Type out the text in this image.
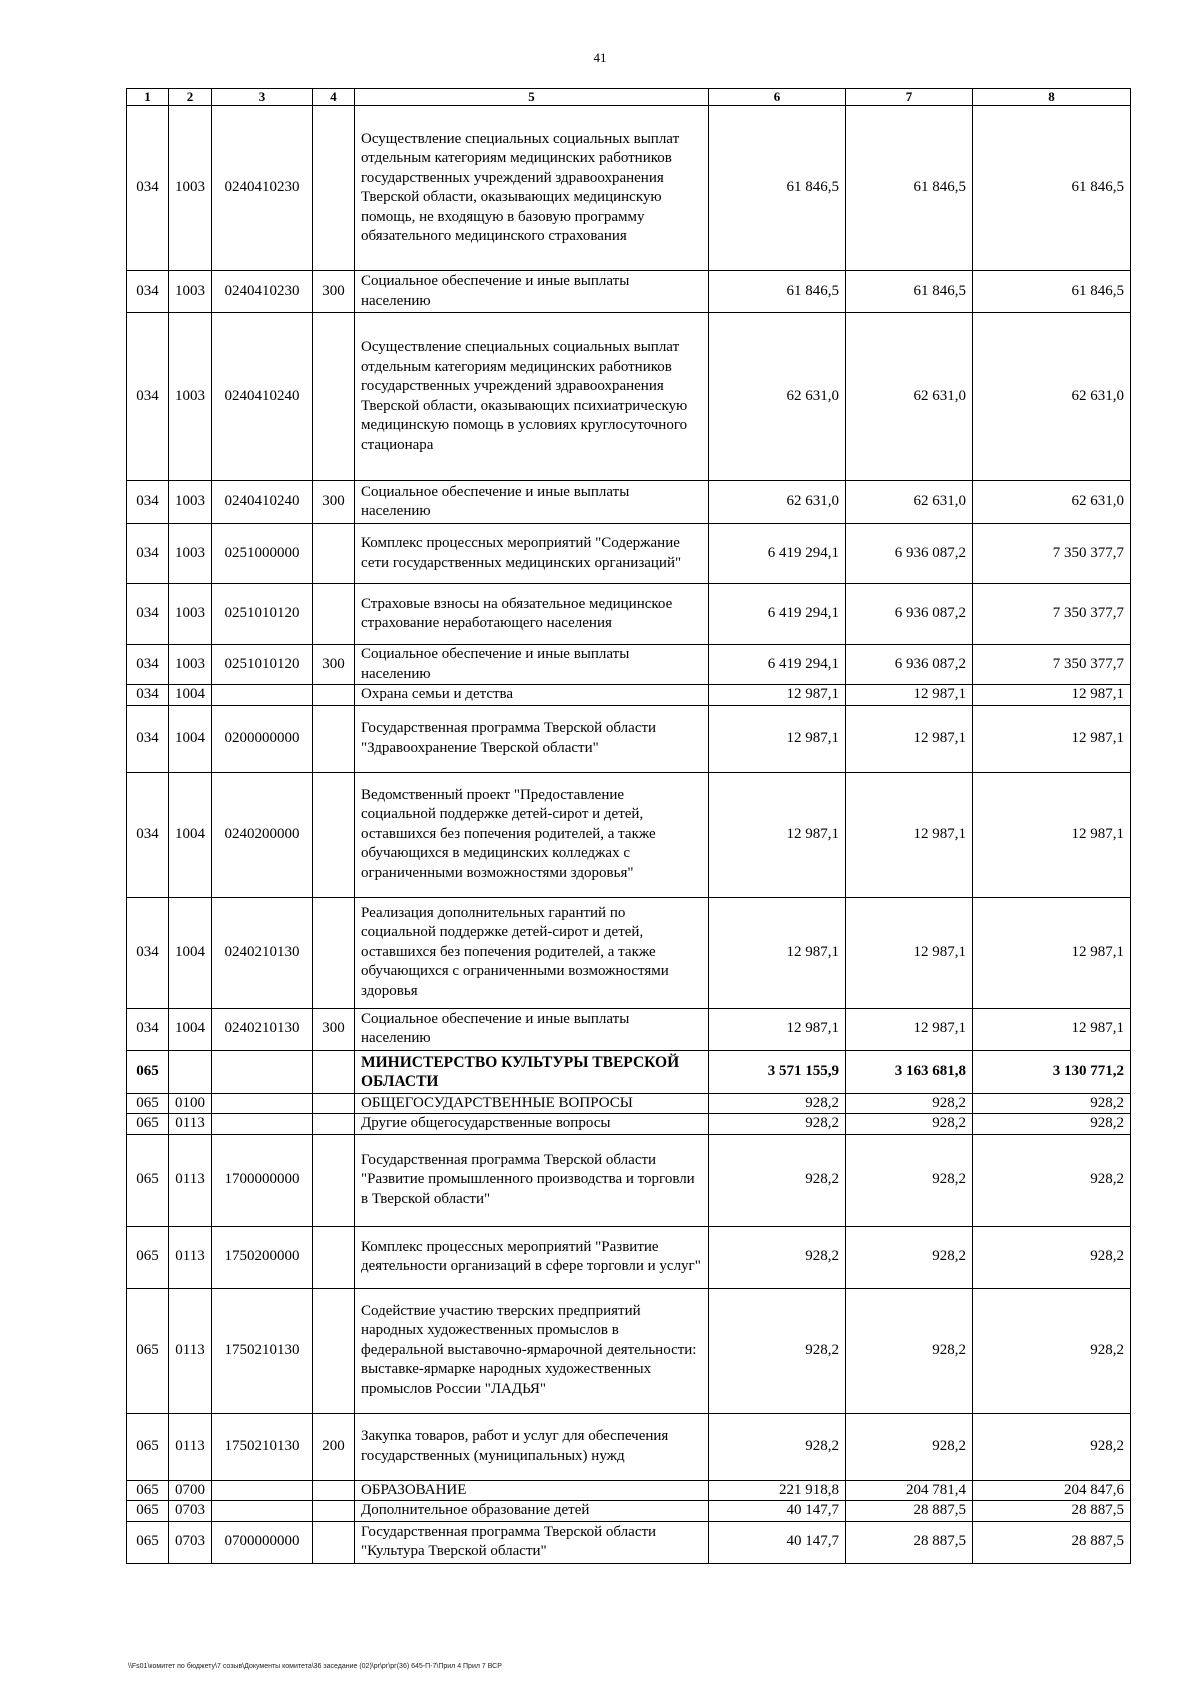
41
1	2	3	4	5	6	7	8
034	1003	0240410230		Осуществление специальных социальных выплат отдельным категориям медицинских работников государственных учреждений здравоохранения Тверской области, оказывающих медицинскую помощь, не входящую в базовую программу обязательного медицинского страхования	61 846,5	61 846,5	61 846,5
034	1003	0240410230	300	Социальное обеспечение и иные выплаты населению	61 846,5	61 846,5	61 846,5
034	1003	0240410240		Осуществление специальных социальных выплат отдельным категориям медицинских работников государственных учреждений здравоохранения Тверской области, оказывающих психиатрическую медицинскую помощь в условиях круглосуточного стационара	62 631,0	62 631,0	62 631,0
034	1003	0240410240	300	Социальное обеспечение и иные выплаты населению	62 631,0	62 631,0	62 631,0
034	1003	0251000000		Комплекс процессных мероприятий "Содержание сети государственных медицинских организаций"	6 419 294,1	6 936 087,2	7 350 377,7
034	1003	0251010120		Страховые взносы на обязательное медицинское страхование неработающего населения	6 419 294,1	6 936 087,2	7 350 377,7
034	1003	0251010120	300	Социальное обеспечение и иные выплаты населению	6 419 294,1	6 936 087,2	7 350 377,7
034	1004			Охрана семьи и детства	12 987,1	12 987,1	12 987,1
034	1004	0200000000		Государственная программа Тверской области "Здравоохранение Тверской области"	12 987,1	12 987,1	12 987,1
034	1004	0240200000		Ведомственный проект "Предоставление социальной поддержке детей-сирот и детей, оставшихся без попечения родителей, а также обучающихся в медицинских колледжах с ограниченными возможностями здоровья"	12 987,1	12 987,1	12 987,1
034	1004	0240210130		Реализация дополнительных гарантий по социальной поддержке детей-сирот и детей, оставшихся без попечения родителей, а также обучающихся с ограниченными возможностями здоровья	12 987,1	12 987,1	12 987,1
034	1004	0240210130	300	Социальное обеспечение и иные выплаты населению	12 987,1	12 987,1	12 987,1
065				МИНИСТЕРСТВО КУЛЬТУРЫ ТВЕРСКОЙ ОБЛАСТИ	3 571 155,9	3 163 681,8	3 130 771,2
065	0100			ОБЩЕГОСУДАРСТВЕННЫЕ ВОПРОСЫ	928,2	928,2	928,2
065	0113			Другие общегосударственные вопросы	928,2	928,2	928,2
065	0113	1700000000		Государственная программа Тверской области "Развитие промышленного производства и торговли в Тверской области"	928,2	928,2	928,2
065	0113	1750200000		Комплекс процессных мероприятий "Развитие деятельности организаций в сфере торговли и услуг"	928,2	928,2	928,2
065	0113	1750210130		Содействие участию тверских предприятий народных художественных промыслов в федеральной выставочно-ярмарочной деятельности: выставке-ярмарке народных художественных промыслов России "ЛАДЬЯ"	928,2	928,2	928,2
065	0113	1750210130	200	Закупка товаров, работ и услуг для обеспечения государственных (муниципальных) нужд	928,2	928,2	928,2
065	0700			ОБРАЗОВАНИЕ	221 918,8	204 781,4	204 847,6
065	0703			Дополнительное образование детей	40 147,7	28 887,5	28 887,5
065	0703	0700000000		Государственная программа Тверской области "Культура Тверской области"	40 147,7	28 887,5	28 887,5
\\Fs01\комитет по бюджету\7 созыв\Документы комитета\36 заседание (02)\pr\рг\рг(36) 645-П-7\Прил 4 Прил 7 ВСР
